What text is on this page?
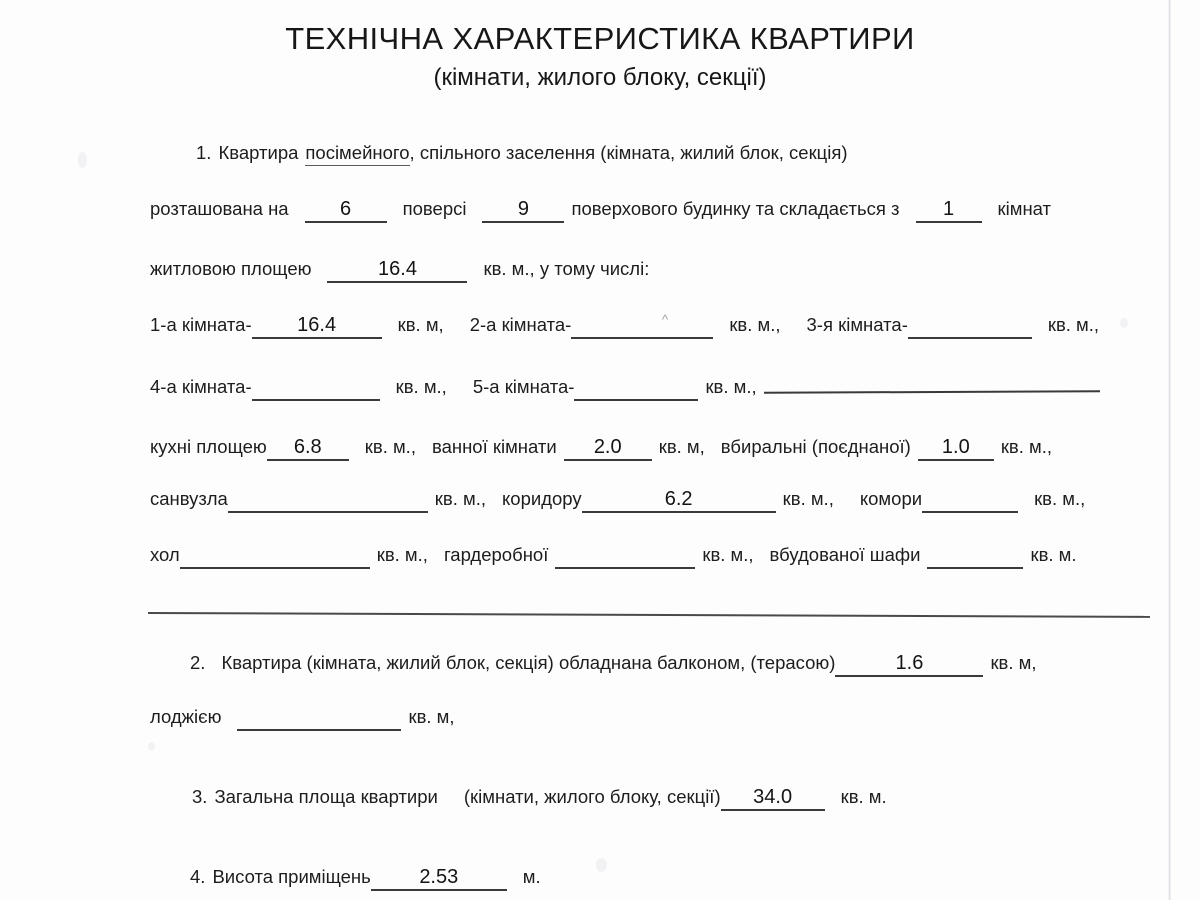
ТЕХНІЧНА ХАРАКТЕРИСТИКА КВАРТИРИ
(кімнати, жилого блоку, секції)
1. Квартира посімейного , спільного заселення (кімната, жилий блок, секція)
розташована на	6	поверсі	9	поверхового будинку та складається з	1	кімнат
житловою площею	16.4	кв. м., у тому числі:
1-а кімната-	16.4	кв. м, 2-а кімната-
	кв. м., 3-я кімната-
	кв. м.,
^
4-а кімната-
	кв. м., 5-а кімната-
	кв. м.,
кухні площею	6.8	кв. м., ванної кімнати	2.0	кв. м, вбиральні (поєднаної)	1.0	кв. м.,
санвузла
	кв. м., коридору	6.2	кв. м., комори
	кв. м.,
хол
	кв. м., гардеробної
	кв. м., вбудованої шафи
	кв. м.
2. Квартира (кімната, жилий блок, секція) обладнана балконом, (терасою)	1.6	кв. м,
лоджією
	кв. м,
3. Загальна площа квартири (кімнати, жилого блоку, секції)	34.0	кв. м.
4. Висота приміщень	2.53	м.
